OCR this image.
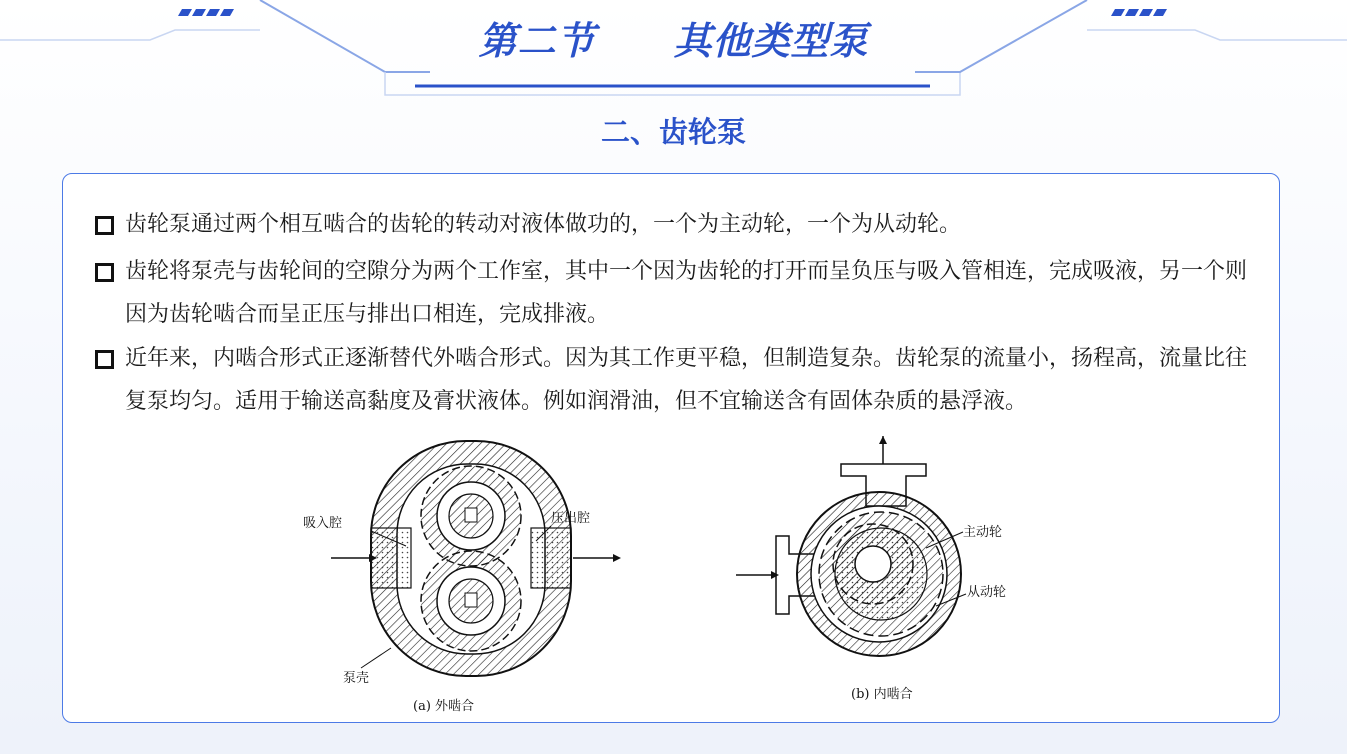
第二节　　其他类型泵
二、齿轮泵
齿轮泵通过两个相互啮合的齿轮的转动对液体做功的，一个为主动轮，一个为从动轮。
齿轮将泵壳与齿轮间的空隙分为两个工作室，其中一个因为齿轮的打开而呈负压与吸入管相连，完成吸液，另一个则因为齿轮啮合而呈正压与排出口相连，完成排液。
近年来，内啮合形式正逐渐替代外啮合形式。因为其工作更平稳，但制造复杂。齿轮泵的流量小，扬程高，流量比往复泵均匀。适用于输送高黏度及膏状液体。例如润滑油，但不宜输送含有固体杂质的悬浮液。
吸入腔	压出腔
泵壳
(a) 外啮合
主动轮
从动轮
(b) 内啮合
